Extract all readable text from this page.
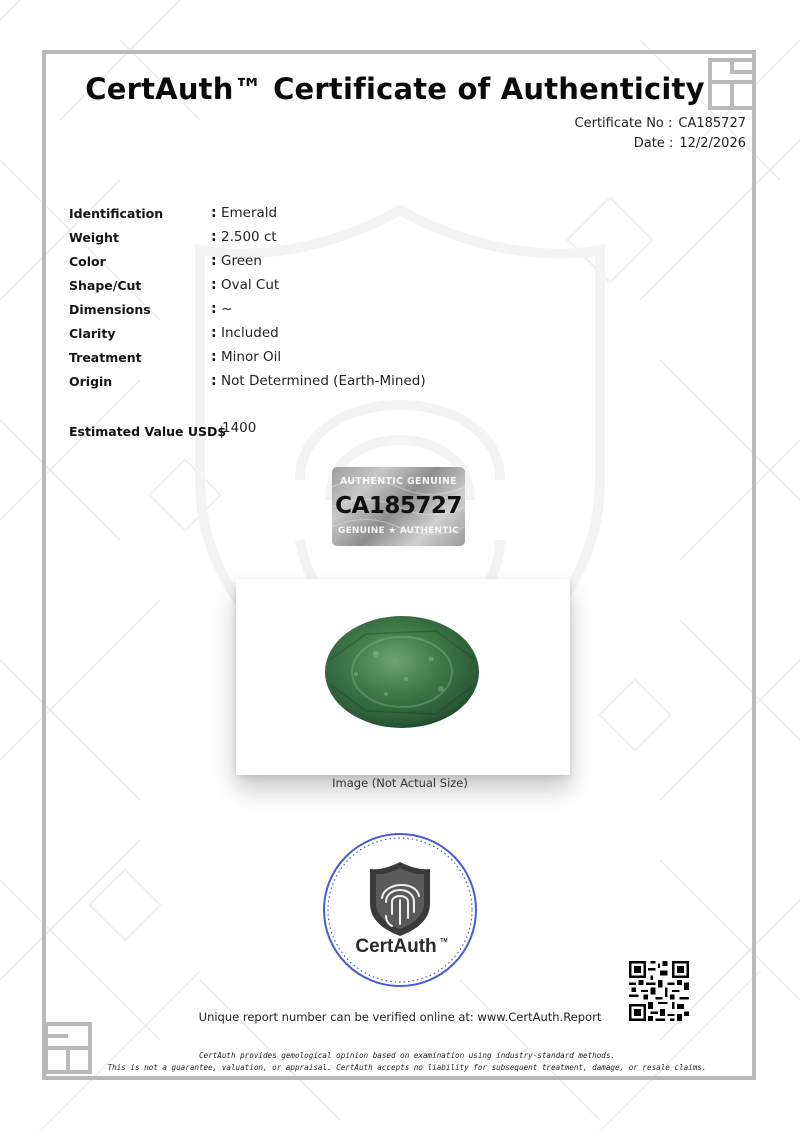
CertAuth™ Certificate of Authenticity
Certificate No : CA185727
Date : 12/2/2026
Identification	: Emerald
Weight	: 2.500 ct
Color	: Green
Shape/Cut	: Oval Cut
Dimensions	: ~
Clarity	: Included
Treatment	: Minor Oil
Origin	: Not Determined (Earth-Mined)
Estimated Value USD$
1400
AUTHENTIC GENUINE
CA185727
GENUINE ★ AUTHENTIC
Image (Not Actual Size)
CertAuth TM
Unique report number can be verified online at: www.CertAuth.Report
CertAuth provides gemological opinion based on examination using industry-standard methods.
This is not a guarantee, valuation, or appraisal. CertAuth accepts no liability for subsequent treatment, damage, or resale claims.
